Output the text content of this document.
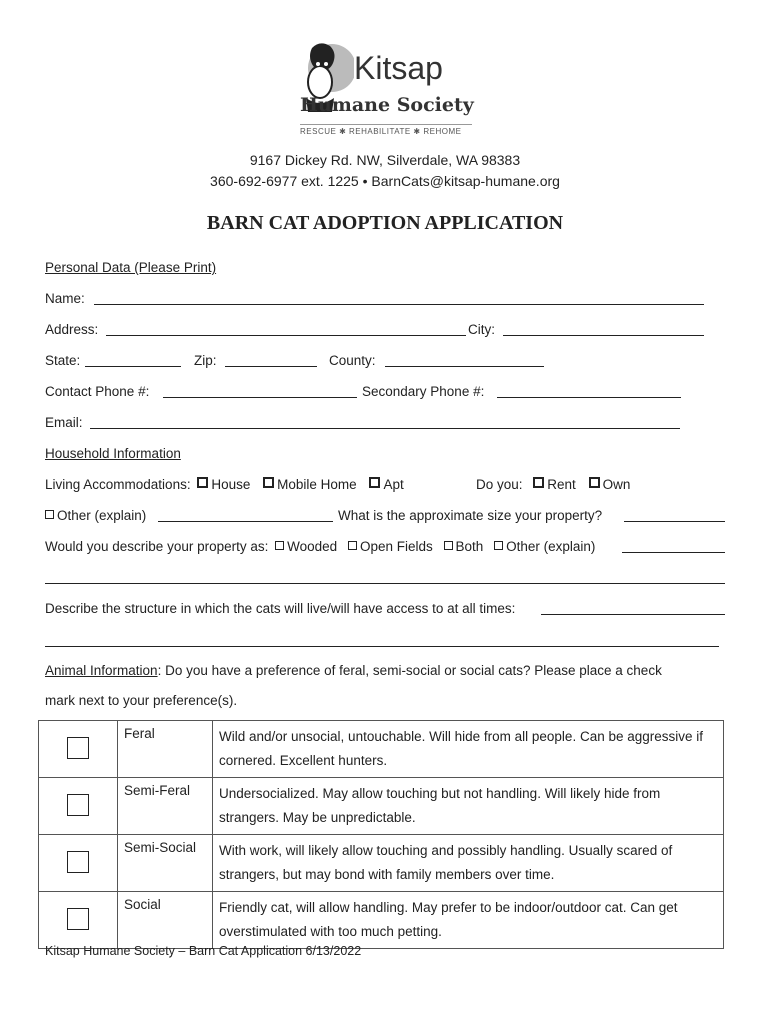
Kitsap
Humane Society
RESCUE ✱ REHABILITATE ✱ REHOME
9167 Dickey Rd. NW, Silverdale, WA 98383
360-692-6977 ext. 1225 • BarnCats@kitsap-humane.org
BARN CAT ADOPTION APPLICATION
Personal Data (Please Print)
Name:
Address:	City:
State:	Zip:	County:
Contact Phone #:	Secondary Phone #:
Email:
Household Information
Living Accommodations: House Mobile Home Apt	Do you: Rent Own
Other (explain)	What is the approximate size your property?
Would you describe your property as: Wooded Open Fields Both Other (explain)
Describe the structure in which the cats will live/will have access to at all times:
Animal Information: Do you have a preference of feral, semi-social or social cats? Please place a check
mark next to your preference(s).
	Feral	Wild and/or unsocial, untouchable. Will hide from all people. Can be aggressive if cornered. Excellent hunters.
	Semi-Feral	Undersocialized. May allow touching but not handling. Will likely hide from strangers. May be unpredictable.
	Semi-Social	With work, will likely allow touching and possibly handling. Usually scared of strangers, but may bond with family members over time.
	Social	Friendly cat, will allow handling. May prefer to be indoor/outdoor cat. Can get overstimulated with too much petting.
Kitsap Humane Society – Barn Cat Application 6/13/2022
